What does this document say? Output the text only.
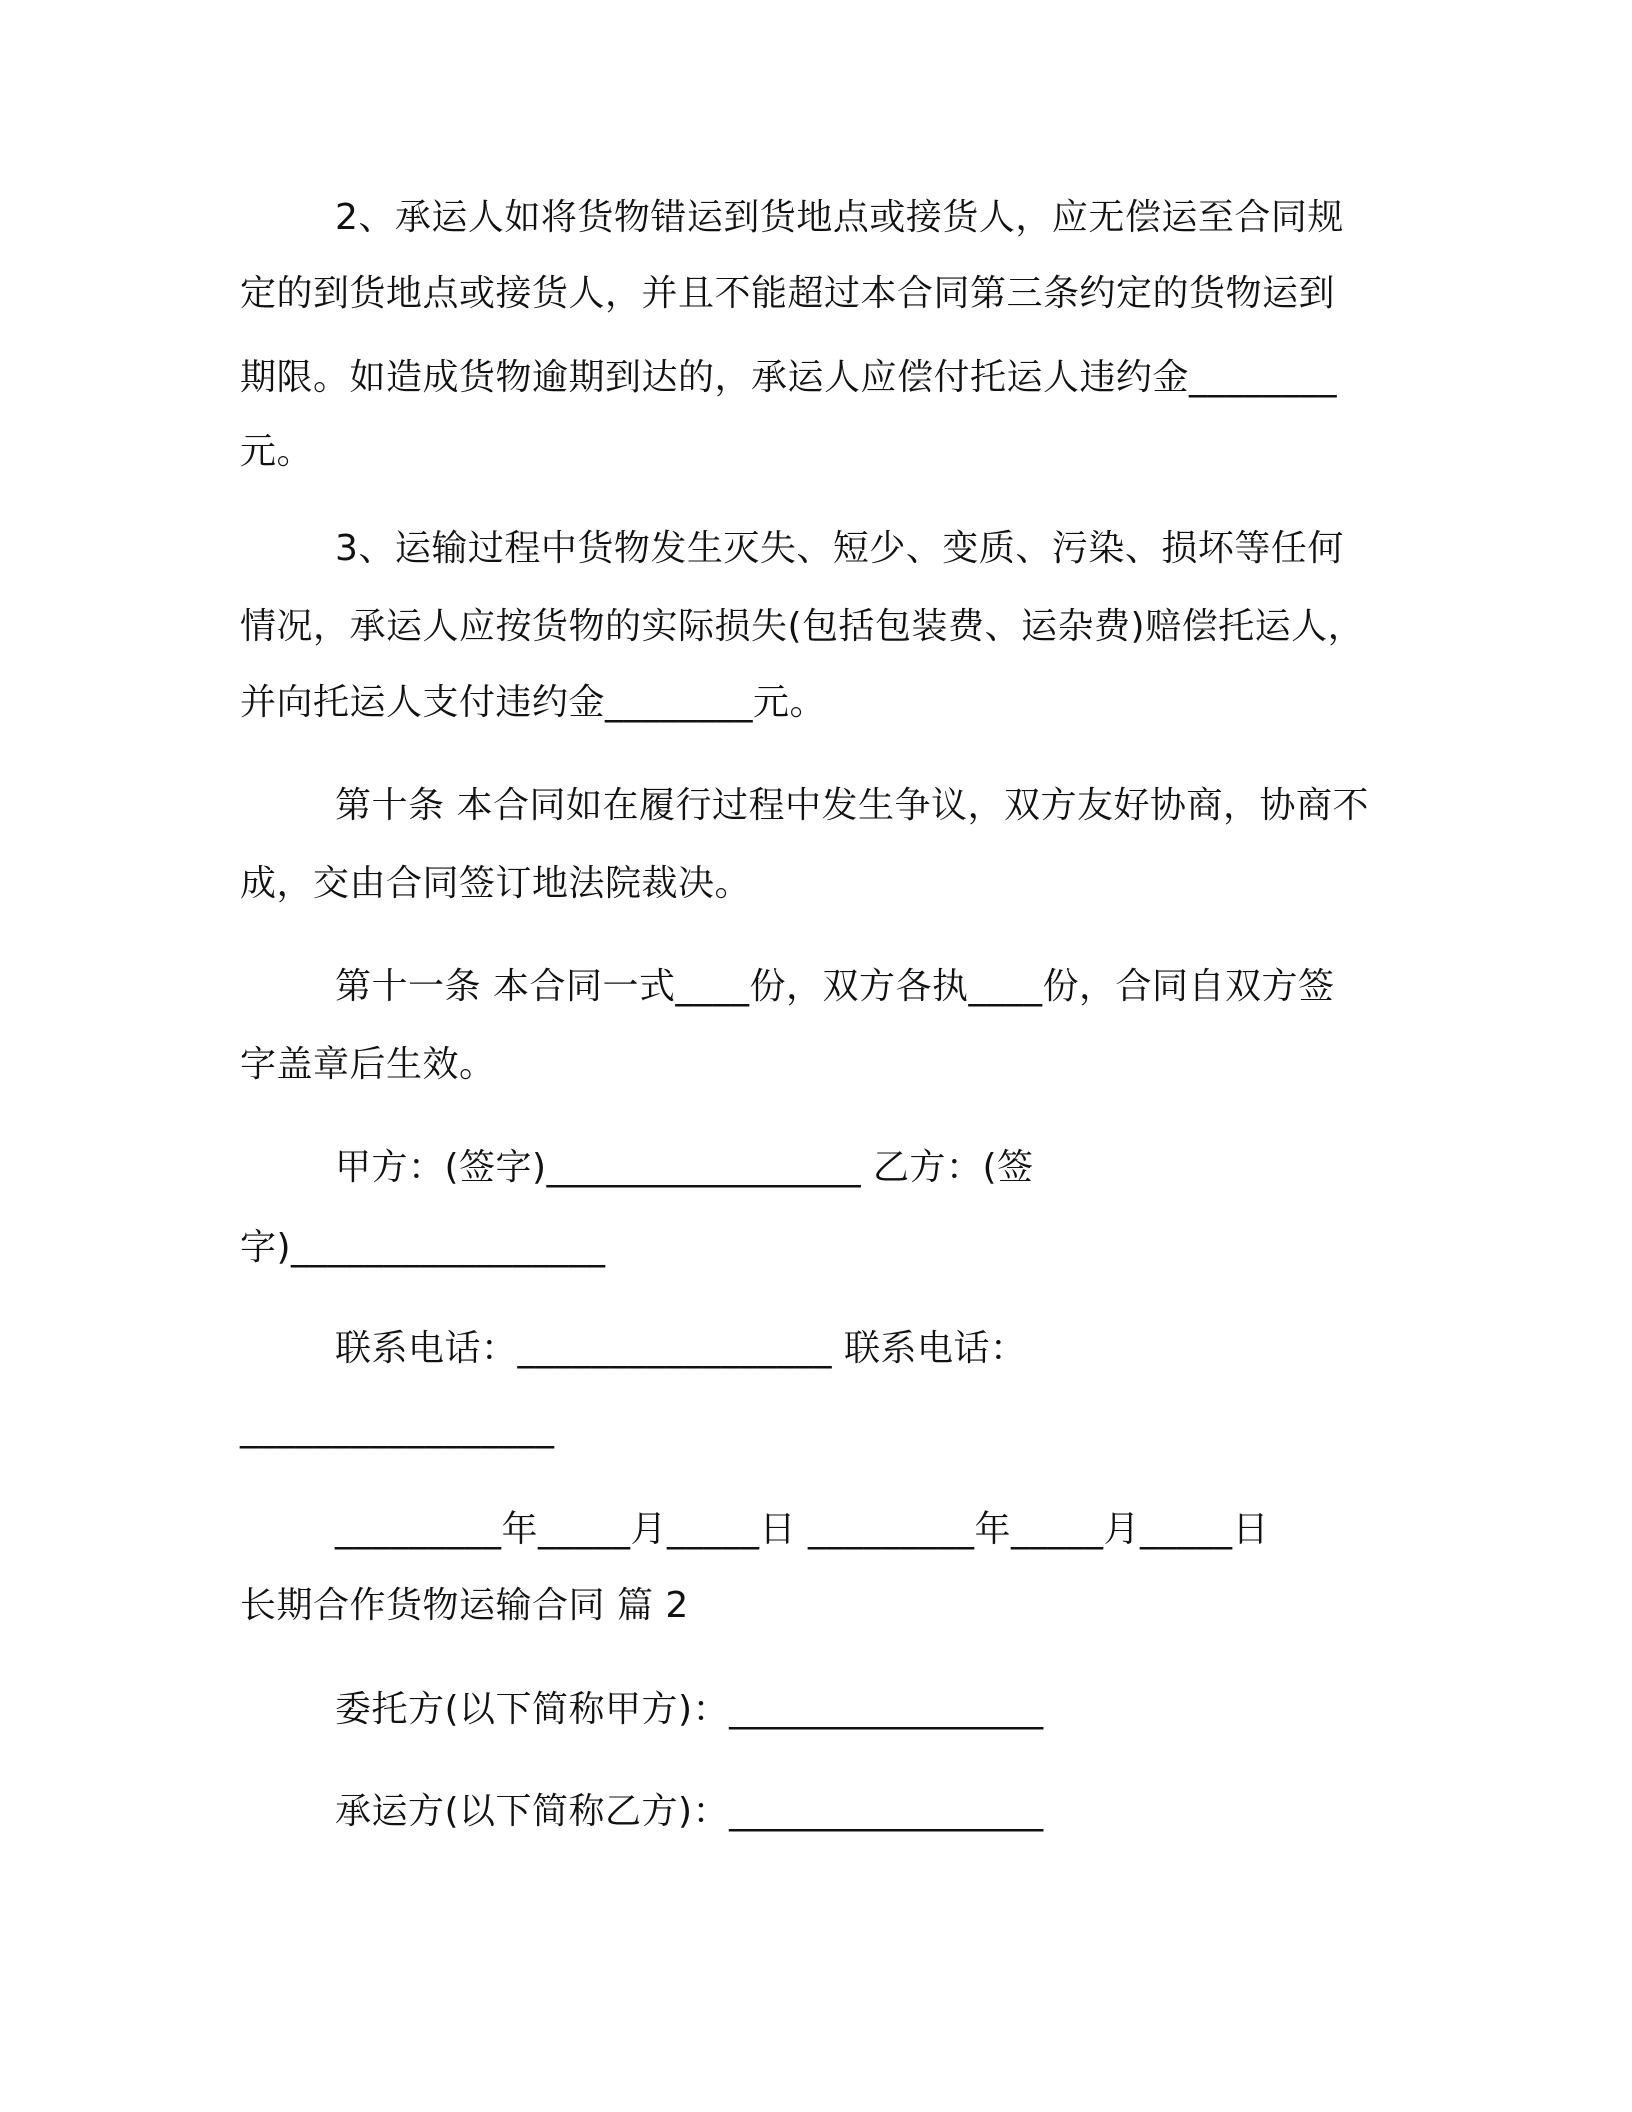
2、承运人如将货物错运到货地点或接货人，应无偿运至合同规
定的到货地点或接货人，并且不能超过本合同第三条约定的货物运到
期限。如造成货物逾期到达的，承运人应偿付托运人违约金________
元。
3、运输过程中货物发生灭失、短少、变质、污染、损坏等任何
情况，承运人应按货物的实际损失(包括包装费、运杂费)赔偿托运人，
并向托运人支付违约金________元。
第十条 本合同如在履行过程中发生争议，双方友好协商，协商不
成，交由合同签订地法院裁决。
第十一条 本合同一式____份，双方各执____份，合同自双方签
字盖章后生效。
甲方：(签字)_________________ 乙方：(签
字)_________________
联系电话：_________________ 联系电话：
_________________
_________年_____月_____日 _________年_____月_____日
长期合作货物运输合同 篇 2
委托方(以下简称甲方)：_________________
承运方(以下简称乙方)：_________________
